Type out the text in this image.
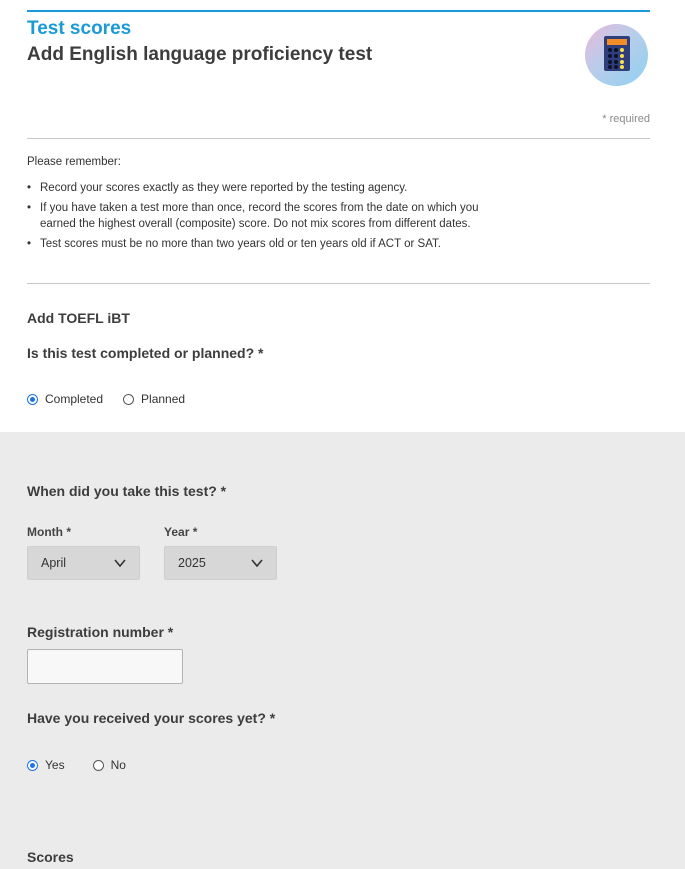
Test scores
Add English language proficiency test
* required
Please remember:
• Record your scores exactly as they were reported by the testing agency.
• If you have taken a test more than once, record the scores from the date on which you earned the highest overall (composite) score. Do not mix scores from different dates.
• Test scores must be no more than two years old or ten years old if ACT or SAT.
Add TOEFL iBT
Is this test completed or planned? *
Completed	Planned
When did you take this test? *
Month *
April
Year *
2025
Registration number *
Have you received your scores yet? *
Yes	No
Scores
